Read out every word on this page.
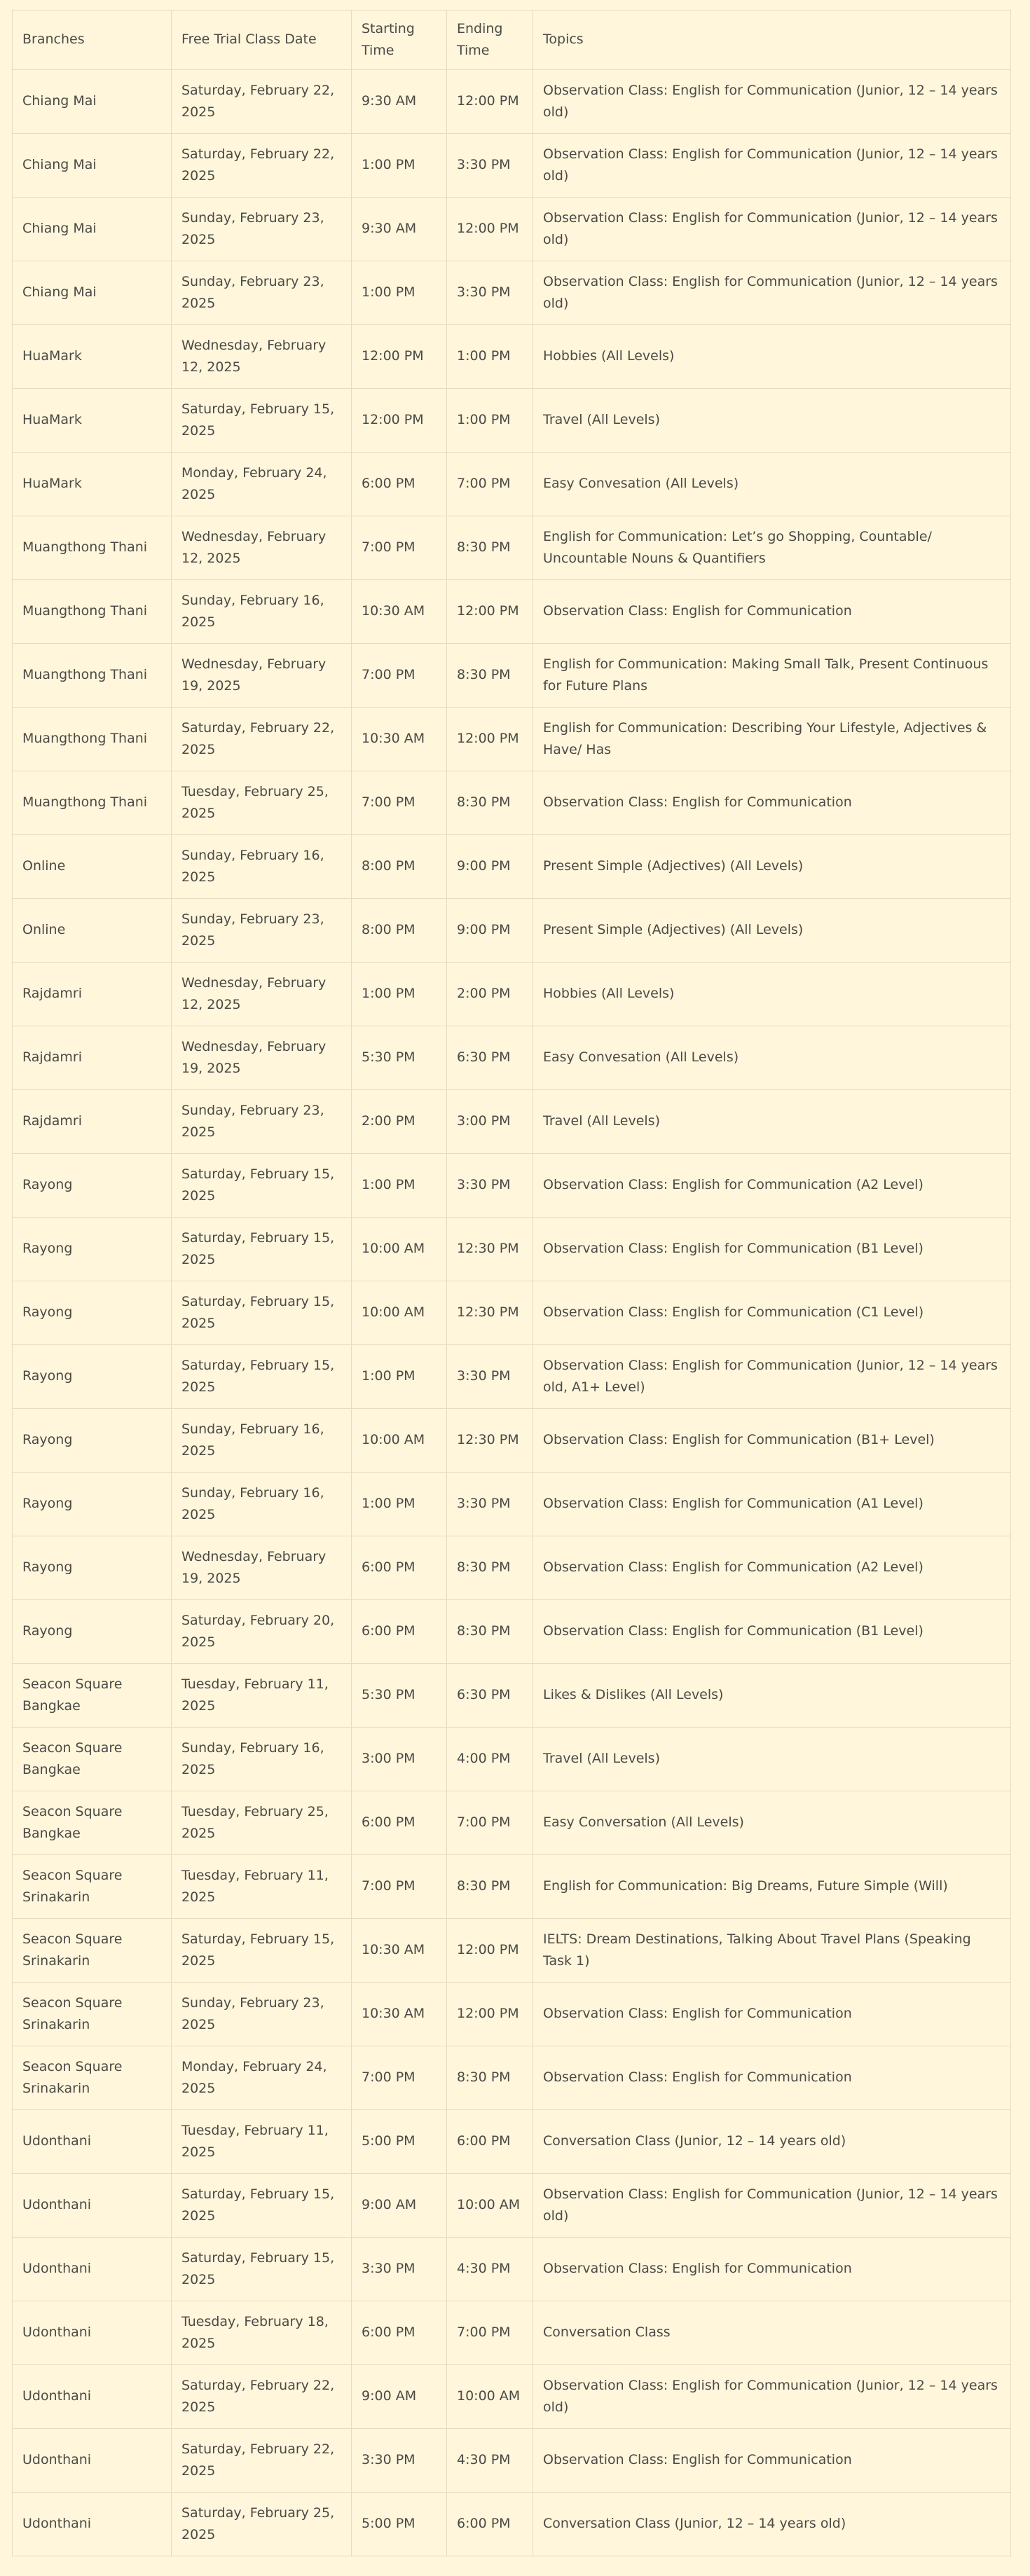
Branches	Free Trial Class Date	Starting Time	Ending Time	Topics
Chiang Mai	Saturday, February 22, 2025	9:30 AM	12:00 PM	Observation Class: English for Communication (Junior, 12 – 14 years old)
Chiang Mai	Saturday, February 22, 2025	1:00 PM	3:30 PM	Observation Class: English for Communication (Junior, 12 – 14 years old)
Chiang Mai	Sunday, February 23, 2025	9:30 AM	12:00 PM	Observation Class: English for Communication (Junior, 12 – 14 years old)
Chiang Mai	Sunday, February 23, 2025	1:00 PM	3:30 PM	Observation Class: English for Communication (Junior, 12 – 14 years old)
HuaMark	Wednesday, February 12, 2025	12:00 PM	1:00 PM	Hobbies (All Levels)
HuaMark	Saturday, February 15, 2025	12:00 PM	1:00 PM	Travel (All Levels)
HuaMark	Monday, February 24, 2025	6:00 PM	7:00 PM	Easy Convesation (All Levels)
Muangthong Thani	Wednesday, February 12, 2025	7:00 PM	8:30 PM	English for Communication: Let’s go Shopping, Countable/ Uncountable Nouns & Quantifiers
Muangthong Thani	Sunday, February 16, 2025	10:30 AM	12:00 PM	Observation Class: English for Communication
Muangthong Thani	Wednesday, February 19, 2025	7:00 PM	8:30 PM	English for Communication: Making Small Talk, Present Continuous for Future Plans
Muangthong Thani	Saturday, February 22, 2025	10:30 AM	12:00 PM	English for Communication: Describing Your Lifestyle, Adjectives & Have/ Has
Muangthong Thani	Tuesday, February 25, 2025	7:00 PM	8:30 PM	Observation Class: English for Communication
Online	Sunday, February 16, 2025	8:00 PM	9:00 PM	Present Simple (Adjectives) (All Levels)
Online	Sunday, February 23, 2025	8:00 PM	9:00 PM	Present Simple (Adjectives) (All Levels)
Rajdamri	Wednesday, February 12, 2025	1:00 PM	2:00 PM	Hobbies (All Levels)
Rajdamri	Wednesday, February 19, 2025	5:30 PM	6:30 PM	Easy Convesation (All Levels)
Rajdamri	Sunday, February 23, 2025	2:00 PM	3:00 PM	Travel (All Levels)
Rayong	Saturday, February 15, 2025	1:00 PM	3:30 PM	Observation Class: English for Communication (A2 Level)
Rayong	Saturday, February 15, 2025	10:00 AM	12:30 PM	Observation Class: English for Communication (B1 Level)
Rayong	Saturday, February 15, 2025	10:00 AM	12:30 PM	Observation Class: English for Communication (C1 Level)
Rayong	Saturday, February 15, 2025	1:00 PM	3:30 PM	Observation Class: English for Communication (Junior, 12 – 14 years old, A1+ Level)
Rayong	Sunday, February 16, 2025	10:00 AM	12:30 PM	Observation Class: English for Communication (B1+ Level)
Rayong	Sunday, February 16, 2025	1:00 PM	3:30 PM	Observation Class: English for Communication (A1 Level)
Rayong	Wednesday, February 19, 2025	6:00 PM	8:30 PM	Observation Class: English for Communication (A2 Level)
Rayong	Saturday, February 20, 2025	6:00 PM	8:30 PM	Observation Class: English for Communication (B1 Level)
Seacon Square Bangkae	Tuesday, February 11, 2025	5:30 PM	6:30 PM	Likes & Dislikes (All Levels)
Seacon Square Bangkae	Sunday, February 16, 2025	3:00 PM	4:00 PM	Travel (All Levels)
Seacon Square Bangkae	Tuesday, February 25, 2025	6:00 PM	7:00 PM	Easy Conversation (All Levels)
Seacon Square Srinakarin	Tuesday, February 11, 2025	7:00 PM	8:30 PM	English for Communication: Big Dreams, Future Simple (Will)
Seacon Square Srinakarin	Saturday, February 15, 2025	10:30 AM	12:00 PM	IELTS: Dream Destinations, Talking About Travel Plans (Speaking Task 1)
Seacon Square Srinakarin	Sunday, February 23, 2025	10:30 AM	12:00 PM	Observation Class: English for Communication
Seacon Square Srinakarin	Monday, February 24, 2025	7:00 PM	8:30 PM	Observation Class: English for Communication
Udonthani	Tuesday, February 11, 2025	5:00 PM	6:00 PM	Conversation Class (Junior, 12 – 14 years old)
Udonthani	Saturday, February 15, 2025	9:00 AM	10:00 AM	Observation Class: English for Communication (Junior, 12 – 14 years old)
Udonthani	Saturday, February 15, 2025	3:30 PM	4:30 PM	Observation Class: English for Communication
Udonthani	Tuesday, February 18, 2025	6:00 PM	7:00 PM	Conversation Class
Udonthani	Saturday, February 22, 2025	9:00 AM	10:00 AM	Observation Class: English for Communication (Junior, 12 – 14 years old)
Udonthani	Saturday, February 22, 2025	3:30 PM	4:30 PM	Observation Class: English for Communication
Udonthani	Saturday, February 25, 2025	5:00 PM	6:00 PM	Conversation Class (Junior, 12 – 14 years old)
